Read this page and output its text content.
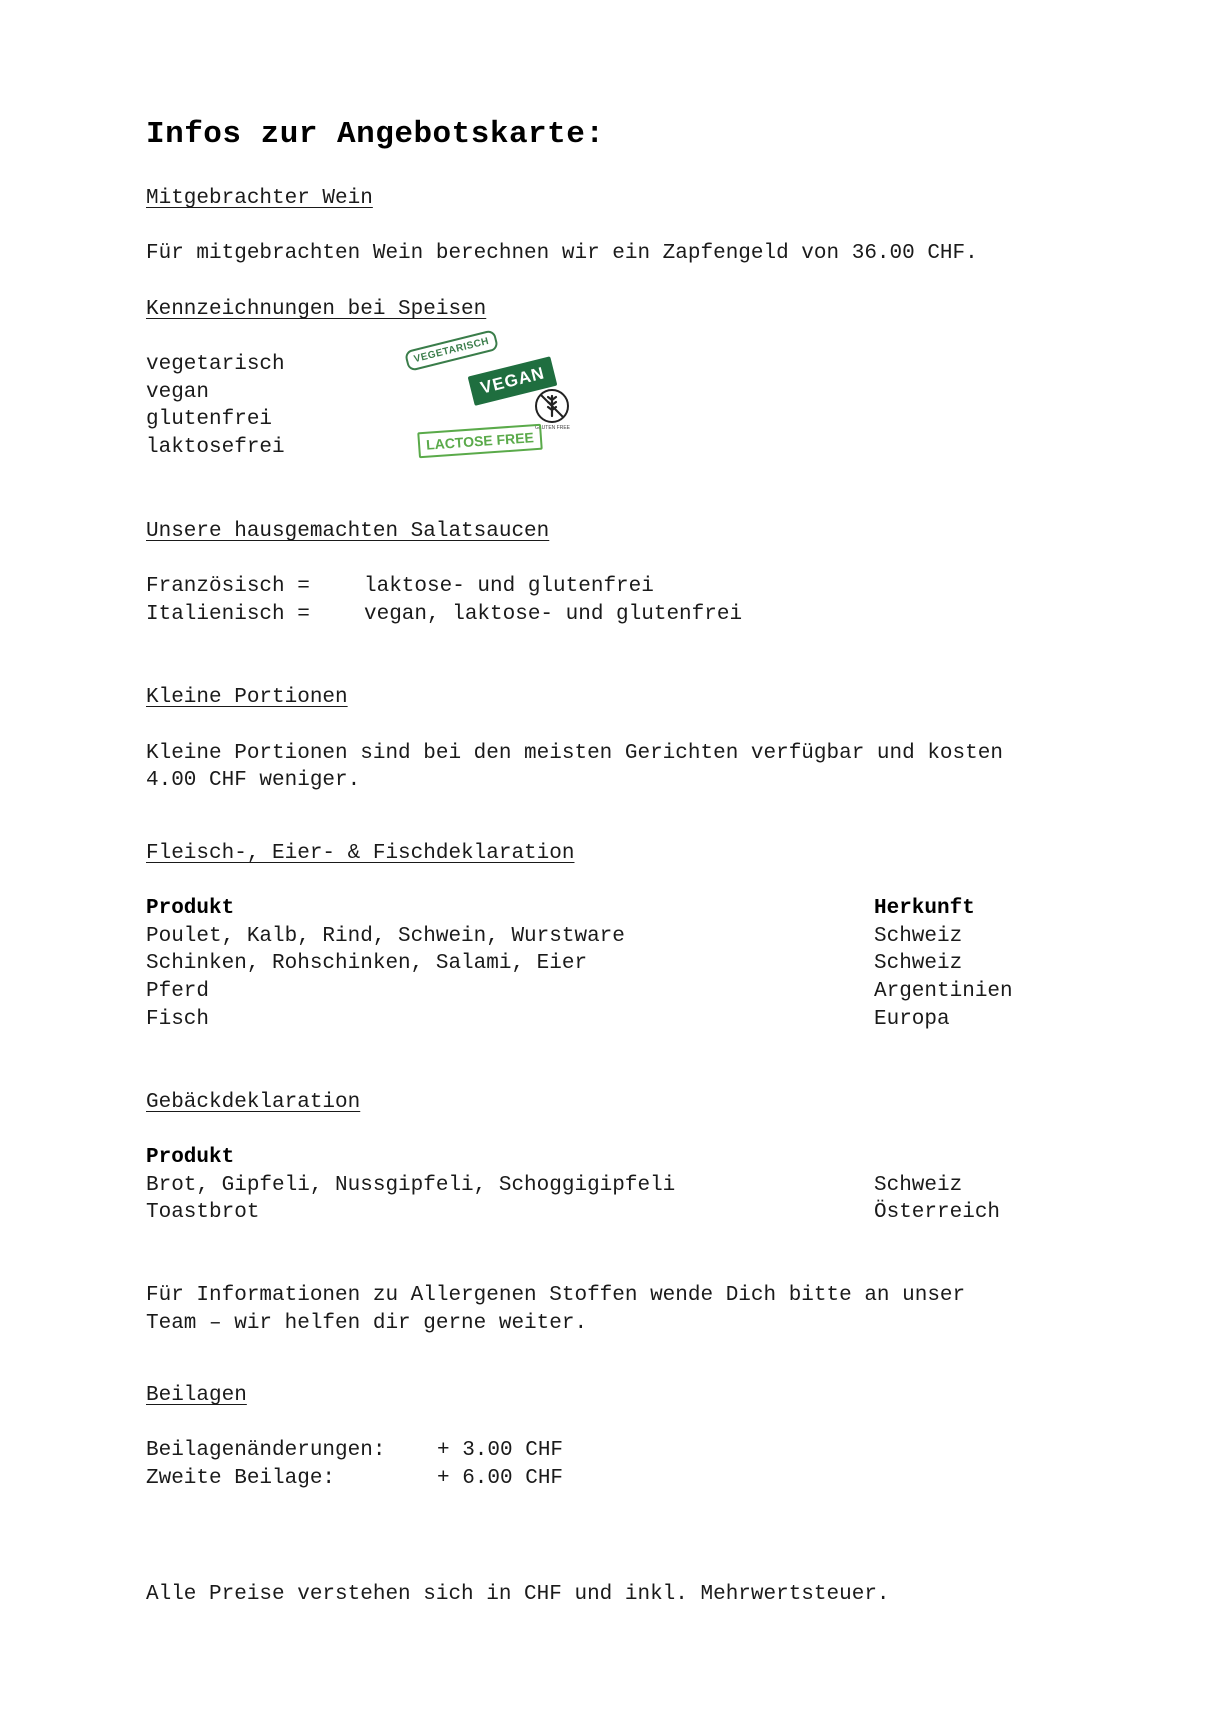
Infos zur Angebotskarte:
Mitgebrachter Wein
Für mitgebrachten Wein berechnen wir ein Zapfengeld von 36.00 CHF.
Kennzeichnungen bei Speisen
vegetarisch
vegan
glutenfrei
laktosefrei
VEGETARISCH
VEGAN
GLUTEN FREE
LACTOSE FREE
Unsere hausgemachten Salatsaucen
Französisch =	laktose- und glutenfrei
Italienisch =	vegan, laktose- und glutenfrei
Kleine Portionen
Kleine Portionen sind bei den meisten Gerichten verfügbar und kosten
4.00 CHF weniger.
Fleisch-, Eier- & Fischdeklaration
Produkt	Herkunft
Poulet, Kalb, Rind, Schwein, Wurstware	Schweiz
Schinken, Rohschinken, Salami, Eier	Schweiz
Pferd	Argentinien
Fisch	Europa
Gebäckdeklaration
Produkt
Brot, Gipfeli, Nussgipfeli, Schoggigipfeli	Schweiz
Toastbrot	Österreich
Für Informationen zu Allergenen Stoffen wende Dich bitte an unser
Team – wir helfen dir gerne weiter.
Beilagen
Beilagenänderungen: + 3.00 CHF
Zweite Beilage:	+ 6.00 CHF
Alle Preise verstehen sich in CHF und inkl. Mehrwertsteuer.
